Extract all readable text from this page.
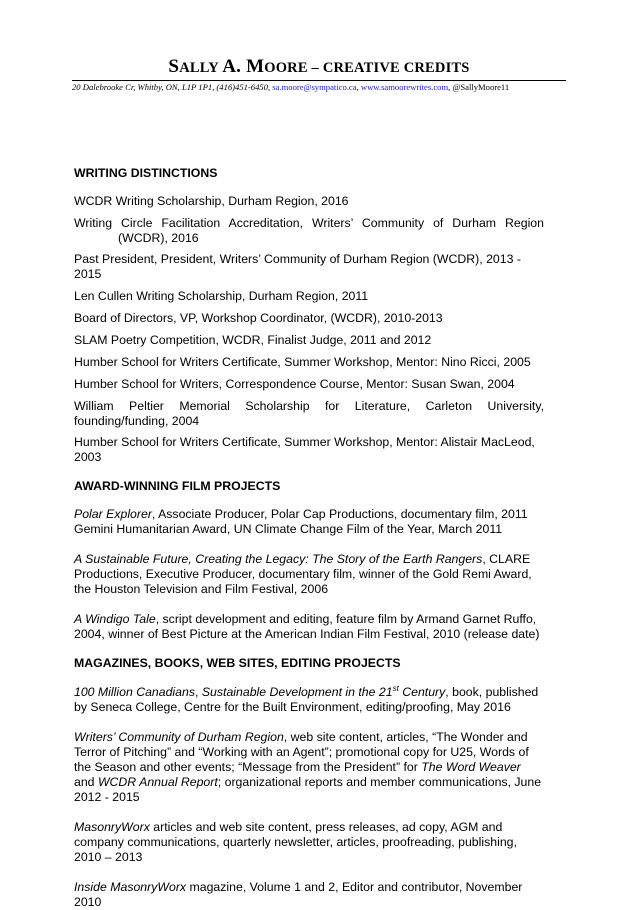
SALLY A. MOORE – CREATIVE CREDITS
20 Dalebrooke Cr, Whitby, ON, L1P 1P1, (416)451-6450, sa.moore@sympatico.ca, www.samoorewrites.com, @SallyMoore11
WRITING DISTINCTIONS

WCDR Writing Scholarship, Durham Region, 2016

Writing Circle Facilitation Accreditation, Writers’ Community of Durham Region (WCDR), 2016

Past President, President, Writers’ Community of Durham Region (WCDR), 2013 - 2015

Len Cullen Writing Scholarship, Durham Region, 2011

Board of Directors, VP, Workshop Coordinator, (WCDR), 2010-2013

SLAM Poetry Competition, WCDR, Finalist Judge, 2011 and 2012

Humber School for Writers Certificate, Summer Workshop, Mentor: Nino Ricci, 2005

Humber School for Writers, Correspondence Course, Mentor: Susan Swan, 2004

William Peltier Memorial Scholarship for Literature, Carleton University, founding/funding, 2004

Humber School for Writers Certificate, Summer Workshop, Mentor: Alistair MacLeod, 2003

AWARD-WINNING FILM PROJECTS

Polar Explorer, Associate Producer, Polar Cap Productions, documentary film, 2011 Gemini Humanitarian Award, UN Climate Change Film of the Year, March 2011

A Sustainable Future, Creating the Legacy: The Story of the Earth Rangers, CLARE Productions, Executive Producer, documentary film, winner of the Gold Remi Award, the Houston Television and Film Festival, 2006

A Windigo Tale, script development and editing, feature film by Armand Garnet Ruffo, 2004, winner of Best Picture at the American Indian Film Festival, 2010 (release date)

MAGAZINES, BOOKS, WEB SITES, EDITING PROJECTS

100 Million Canadians, Sustainable Development in the 21st Century, book, published by Seneca College, Centre for the Built Environment, editing/proofing, May 2016

Writers’ Community of Durham Region, web site content, articles, “The Wonder and Terror of Pitching” and “Working with an Agent”; promotional copy for U25, Words of the Season and other events; “Message from the President” for The Word Weaver and WCDR Annual Report; organizational reports and member communications, June 2012 - 2015

MasonryWorx articles and web site content, press releases, ad copy, AGM and company communications, quarterly newsletter, articles, proofreading, publishing, 2010 – 2013

Inside MasonryWorx magazine, Volume 1 and 2, Editor and contributor, November 2010
